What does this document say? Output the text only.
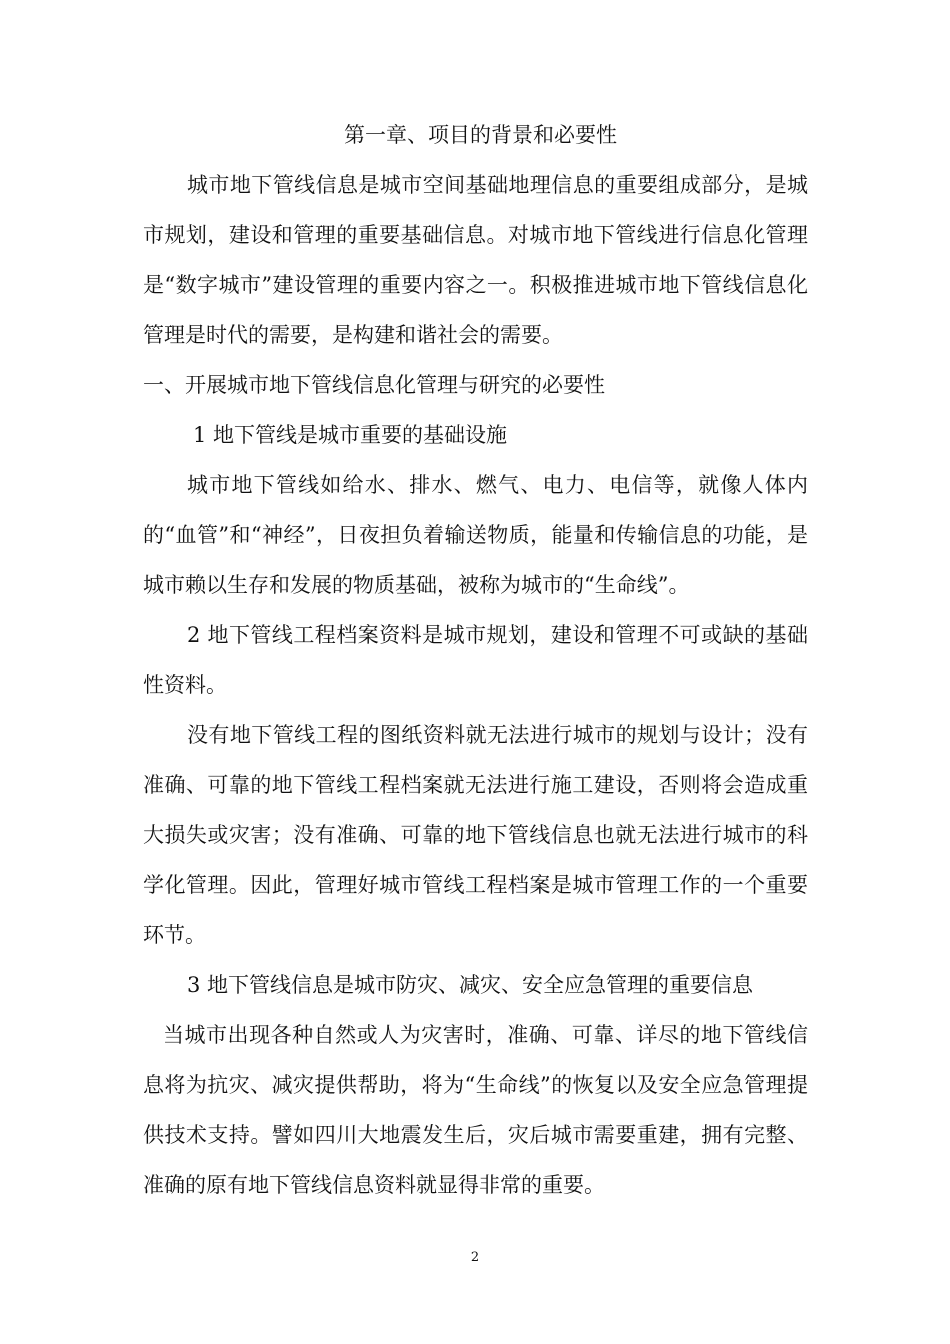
第一章、项目的背景和必要性

城市地下管线信息是城市空间基础地理信息的重要组成部分，是城市规划，建设和管理的重要基础信息。对城市地下管线进行信息化管理是“数字城市”建设管理的重要内容之一。积极推进城市地下管线信息化管理是时代的需要，是构建和谐社会的需要。

一、开展城市地下管线信息化管理与研究的必要性

1 地下管线是城市重要的基础设施

城市地下管线如给水、排水、燃气、电力、电信等，就像人体内的“血管”和“神经”，日夜担负着输送物质，能量和传输信息的功能，是城市赖以生存和发展的物质基础，被称为城市的“生命线”。

2 地下管线工程档案资料是城市规划，建设和管理不可或缺的基础性资料。

没有地下管线工程的图纸资料就无法进行城市的规划与设计；没有准确、可靠的地下管线工程档案就无法进行施工建设，否则将会造成重大损失或灾害；没有准确、可靠的地下管线信息也就无法进行城市的科学化管理。因此，管理好城市管线工程档案是城市管理工作的一个重要环节。

3 地下管线信息是城市防灾、减灾、安全应急管理的重要信息

当城市出现各种自然或人为灾害时，准确、可靠、详尽的地下管线信息将为抗灾、减灾提供帮助，将为“生命线”的恢复以及安全应急管理提供技术支持。譬如四川大地震发生后，灾后城市需要重建，拥有完整、准确的原有地下管线信息资料就显得非常的重要。

2
